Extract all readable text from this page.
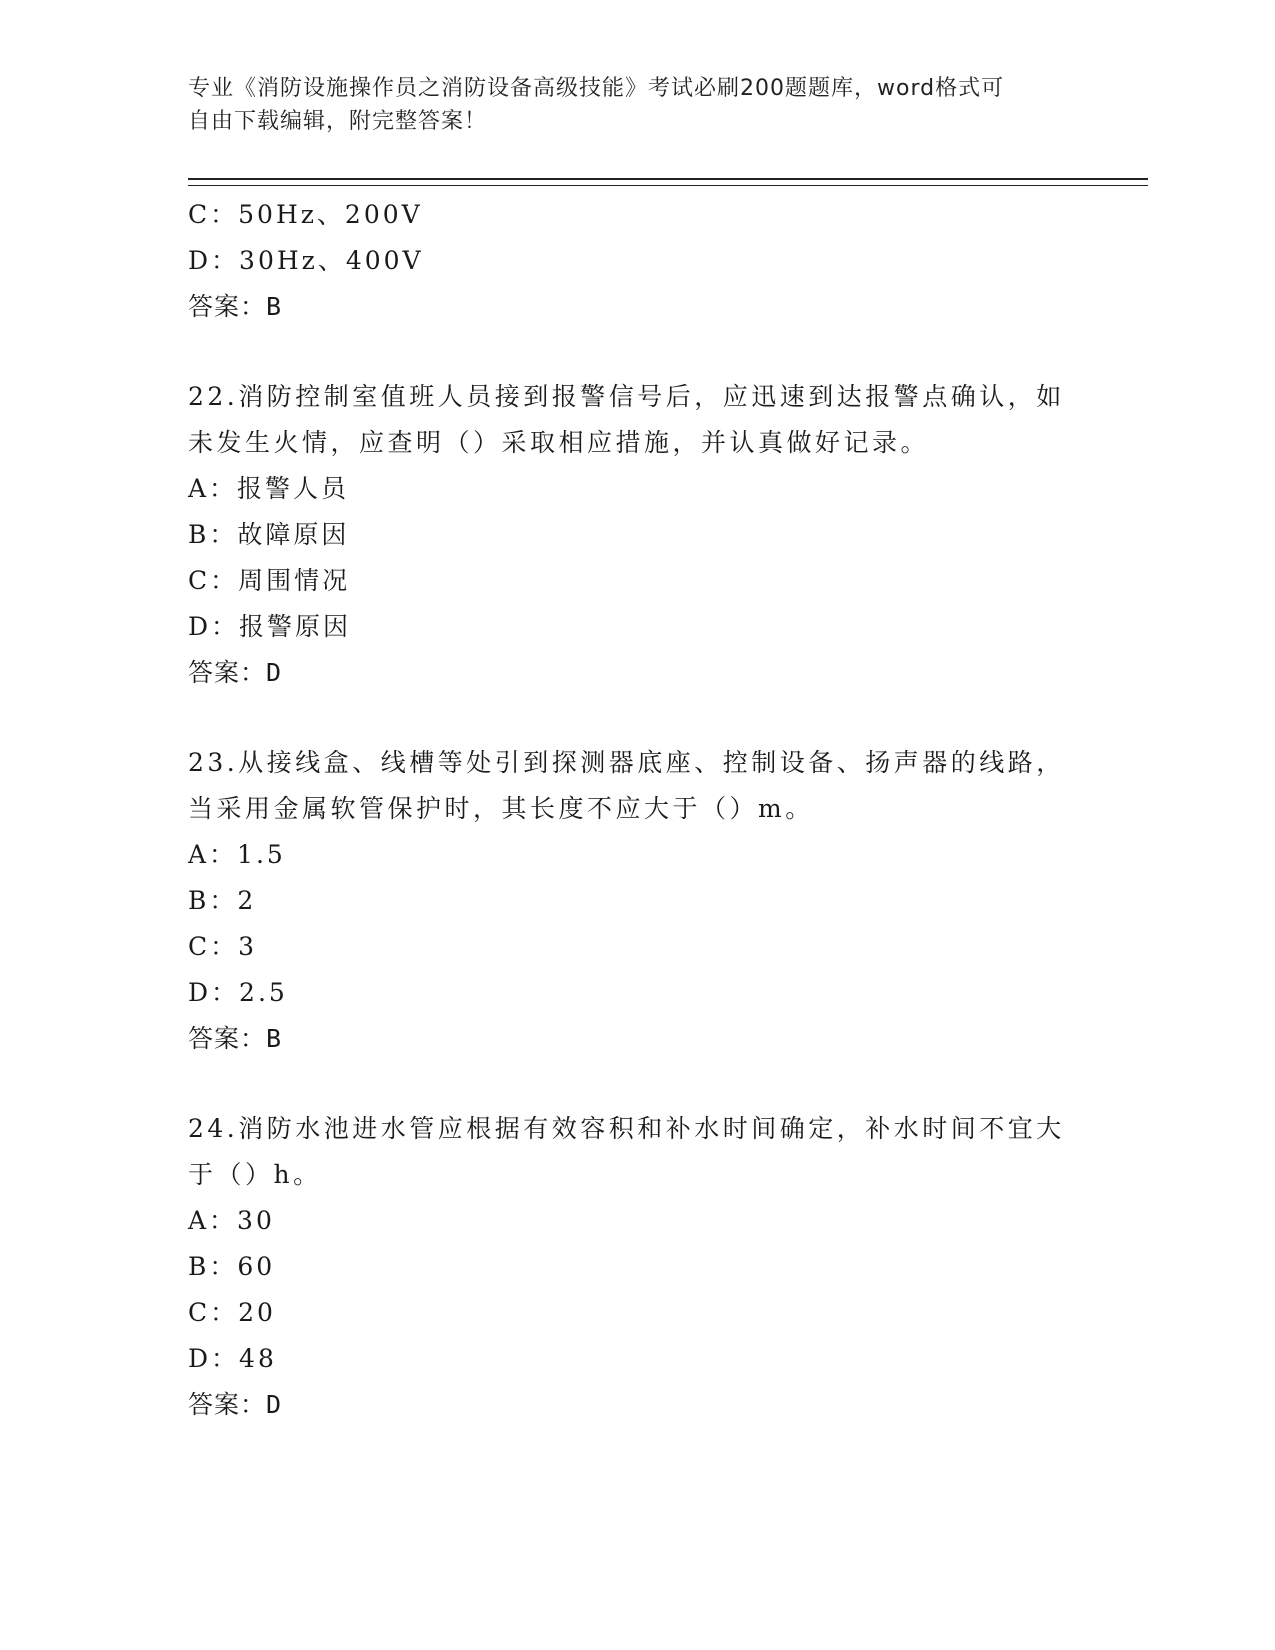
专业《消防设施操作员之消防设备高级技能》考试必刷200题题库，word格式可
自由下载编辑，附完整答案！
C：50Hz、200V
D：30Hz、400V
答案：B
22.消防控制室值班人员接到报警信号后，应迅速到达报警点确认，如未发生火情，应查明（）采取相应措施，并认真做好记录。
A：报警人员
B：故障原因
C：周围情况
D：报警原因
答案：D
23.从接线盒、线槽等处引到探测器底座、控制设备、扬声器的线路，当采用金属软管保护时，其长度不应大于（）m。
A：1.5
B：2
C：3
D：2.5
答案：B
24.消防水池进水管应根据有效容积和补水时间确定，补水时间不宜大于（）h。
A：30
B：60
C：20
D：48
答案：D
